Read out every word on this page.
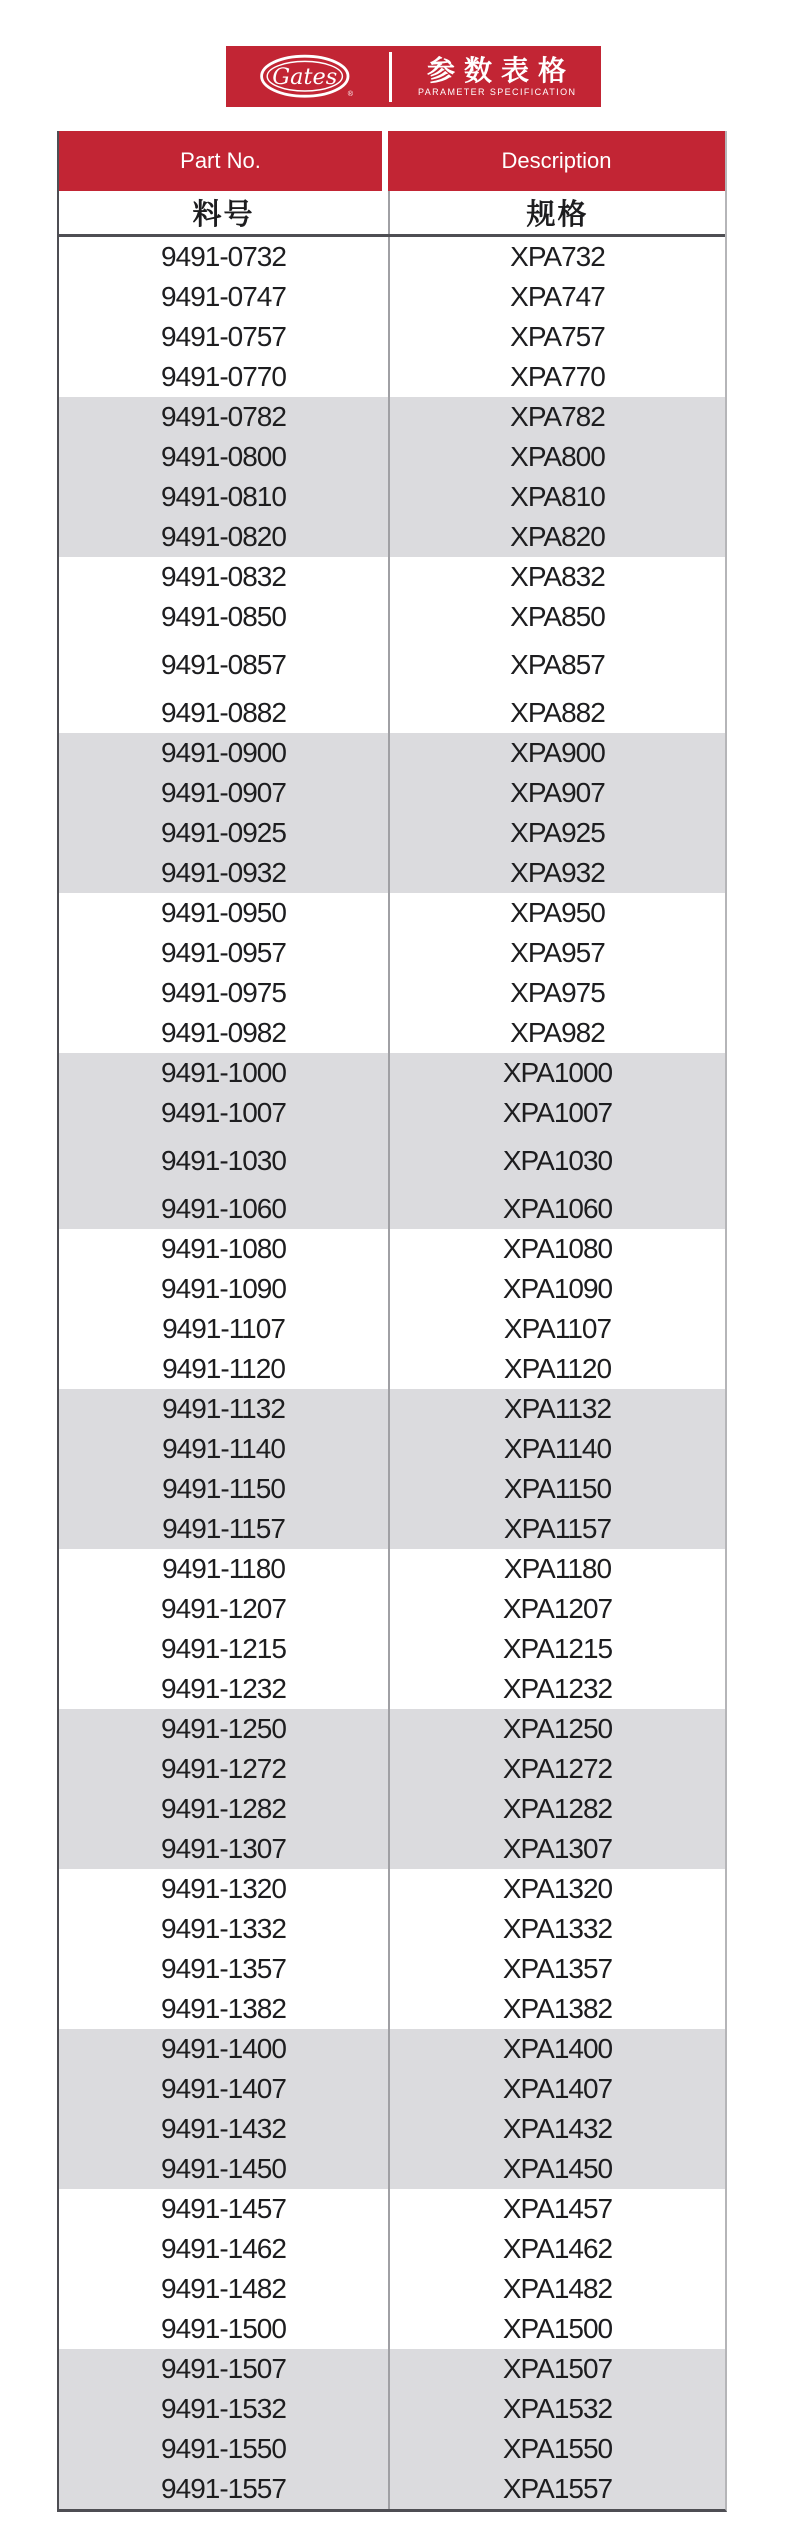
Gates
®
参数表格
PARAMETER SPECIFICATION
Part No.	Description
料号	规格
9491-0732	XPA732
9491-0747	XPA747
9491-0757	XPA757
9491-0770	XPA770
9491-0782	XPA782
9491-0800	XPA800
9491-0810	XPA810
9491-0820	XPA820
9491-0832	XPA832
9491-0850	XPA850
9491-0857	XPA857
9491-0882	XPA882
9491-0900	XPA900
9491-0907	XPA907
9491-0925	XPA925
9491-0932	XPA932
9491-0950	XPA950
9491-0957	XPA957
9491-0975	XPA975
9491-0982	XPA982
9491-1000	XPA1000
9491-1007	XPA1007
9491-1030	XPA1030
9491-1060	XPA1060
9491-1080	XPA1080
9491-1090	XPA1090
9491-1107	XPA1107
9491-1120	XPA1120
9491-1132	XPA1132
9491-1140	XPA1140
9491-1150	XPA1150
9491-1157	XPA1157
9491-1180	XPA1180
9491-1207	XPA1207
9491-1215	XPA1215
9491-1232	XPA1232
9491-1250	XPA1250
9491-1272	XPA1272
9491-1282	XPA1282
9491-1307	XPA1307
9491-1320	XPA1320
9491-1332	XPA1332
9491-1357	XPA1357
9491-1382	XPA1382
9491-1400	XPA1400
9491-1407	XPA1407
9491-1432	XPA1432
9491-1450	XPA1450
9491-1457	XPA1457
9491-1462	XPA1462
9491-1482	XPA1482
9491-1500	XPA1500
9491-1507	XPA1507
9491-1532	XPA1532
9491-1550	XPA1550
9491-1557	XPA1557
